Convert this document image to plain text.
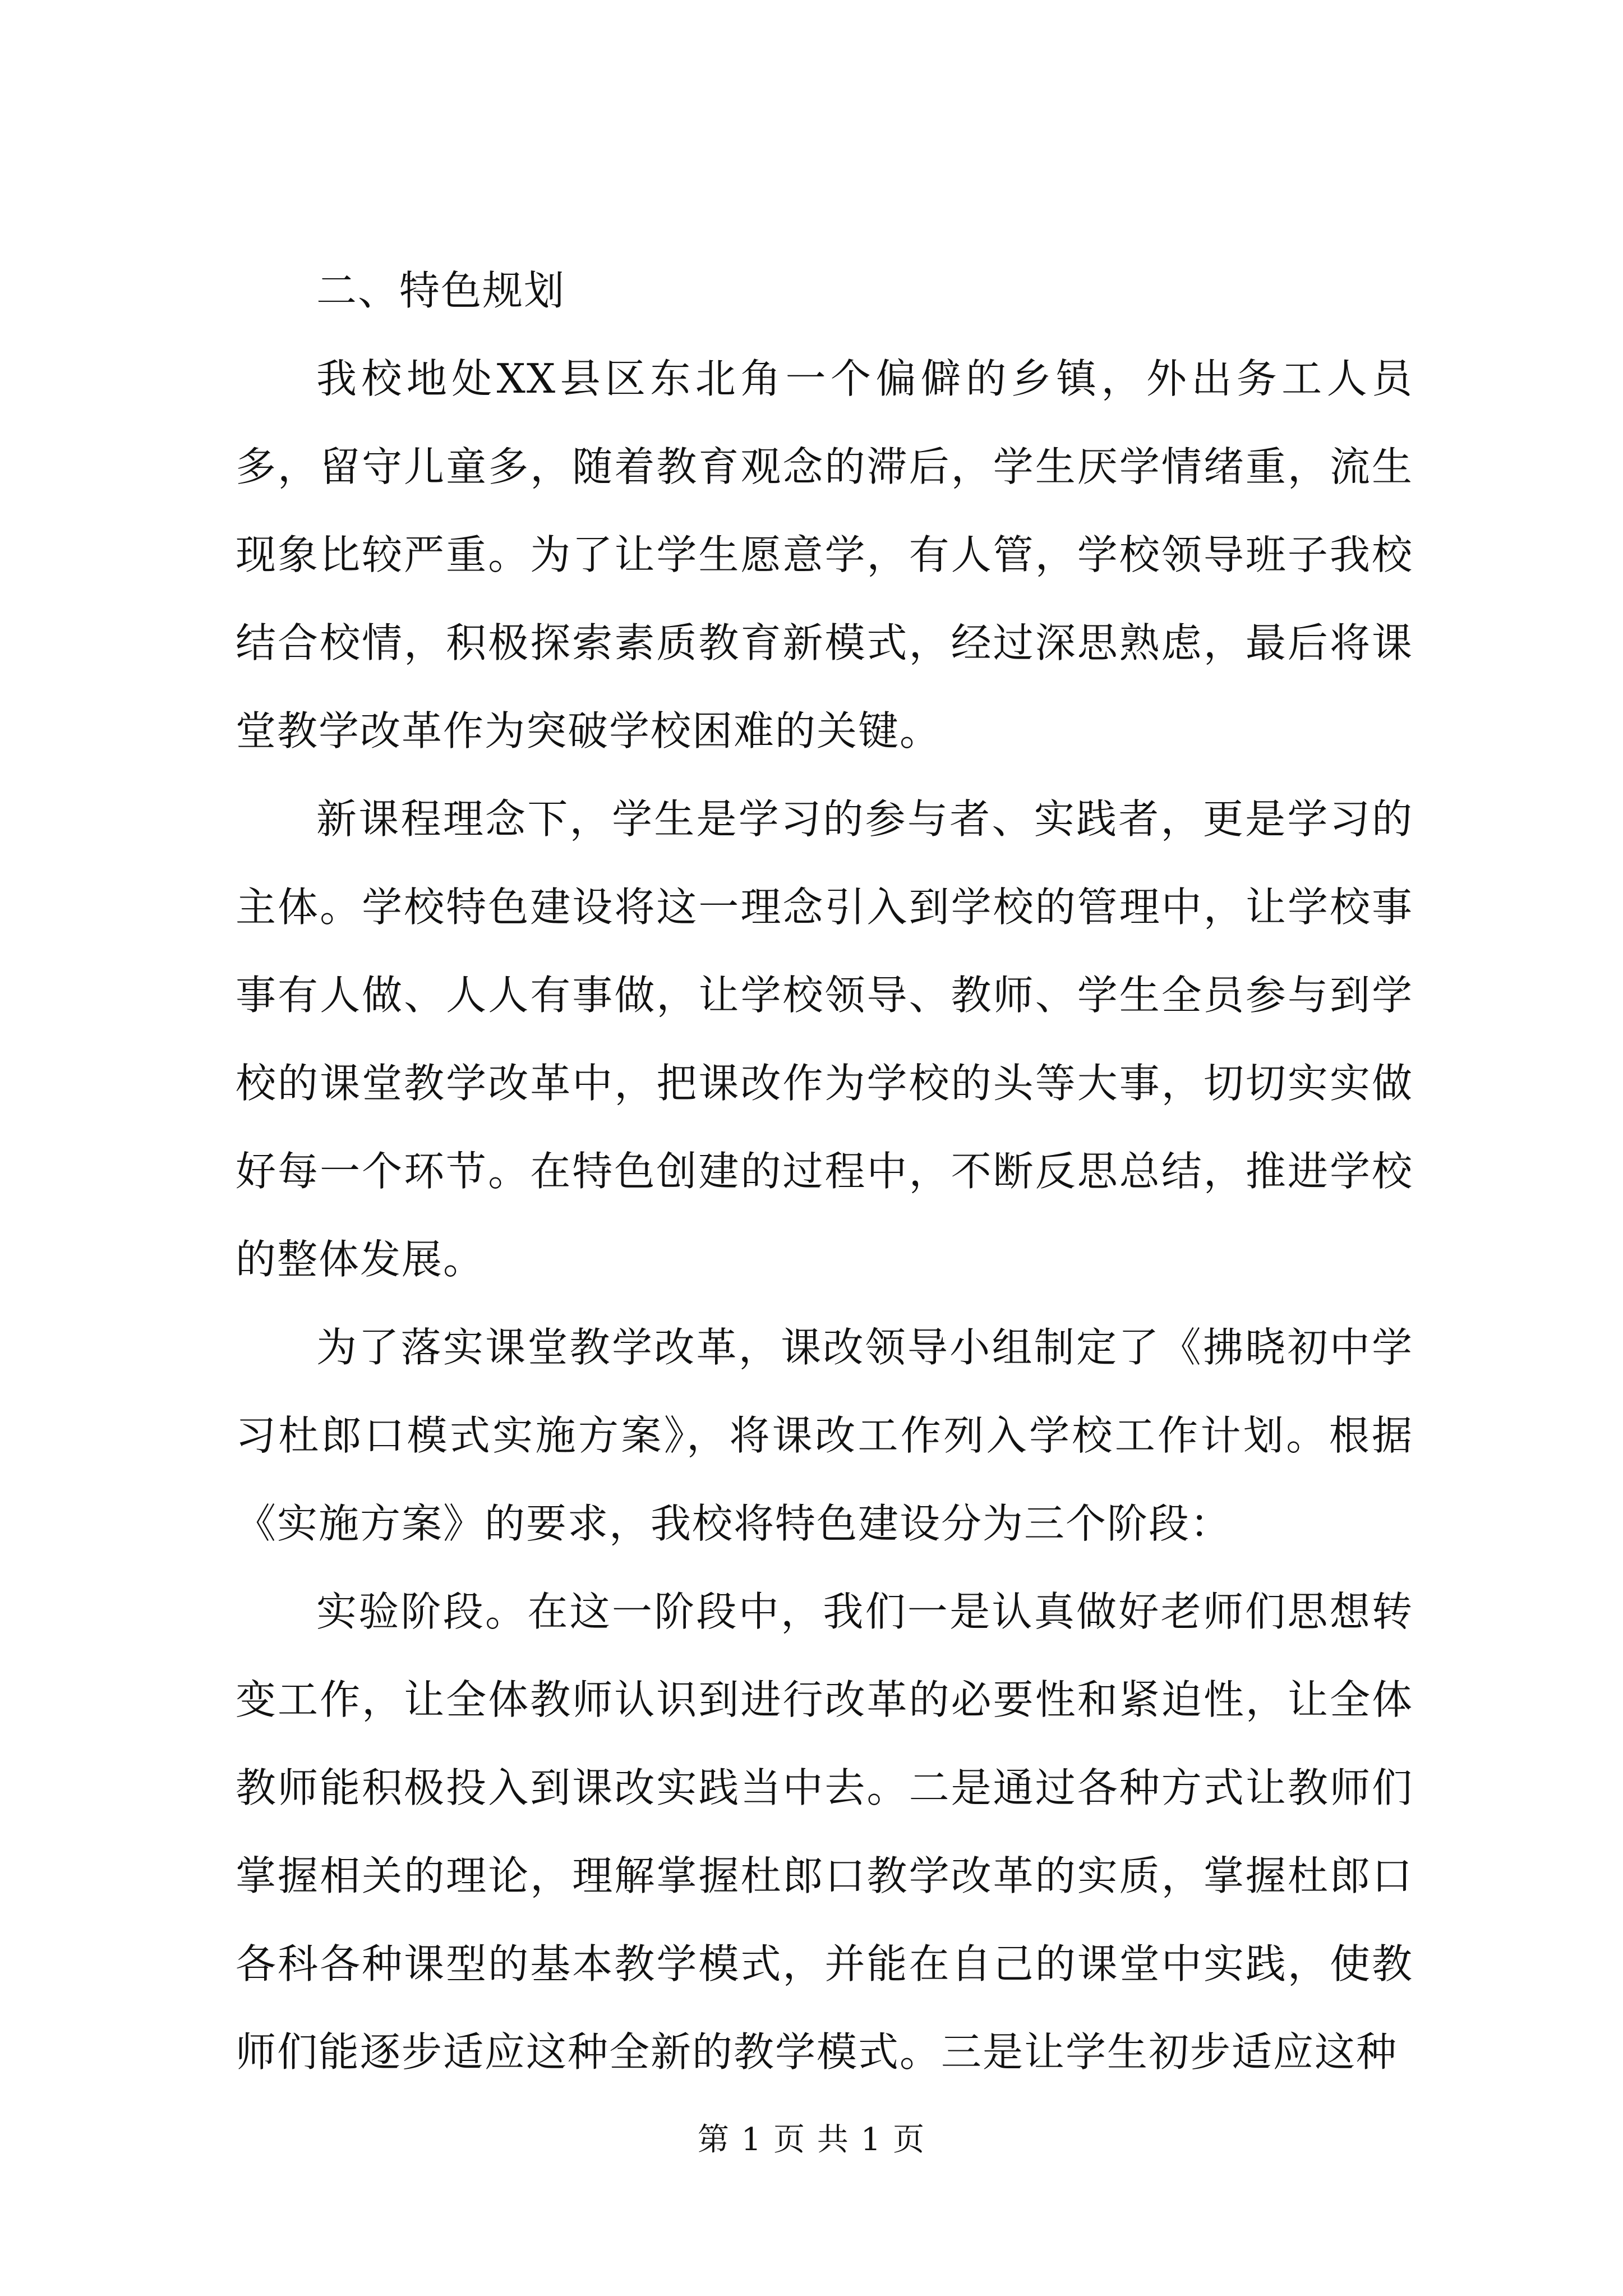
二、特色规划

我校地处XX县区东北角一个偏僻的乡镇，外出务工人员多，留守儿童多，随着教育观念的滞后，学生厌学情绪重，流生现象比较严重。为了让学生愿意学，有人管，学校领导班子我校结合校情，积极探索素质教育新模式，经过深思熟虑，最后将课堂教学改革作为突破学校困难的关键。

新课程理念下，学生是学习的参与者、实践者，更是学习的主体。学校特色建设将这一理念引入到学校的管理中，让学校事事有人做、人人有事做，让学校领导、教师、学生全员参与到学校的课堂教学改革中，把课改作为学校的头等大事，切切实实做好每一个环节。在特色创建的过程中，不断反思总结，推进学校的整体发展。

为了落实课堂教学改革，课改领导小组制定了《拂晓初中学习杜郎口模式实施方案》，将课改工作列入学校工作计划。根据《实施方案》的要求，我校将特色建设分为三个阶段：

实验阶段。在这一阶段中，我们一是认真做好老师们思想转变工作，让全体教师认识到进行改革的必要性和紧迫性，让全体教师能积极投入到课改实践当中去。二是通过各种方式让教师们掌握相关的理论，理解掌握杜郎口教学改革的实质，掌握杜郎口各科各种课型的基本教学模式，并能在自己的课堂中实践，使教师们能逐步适应这种全新的教学模式。三是让学生初步适应这种

第 1 页 共 1 页
